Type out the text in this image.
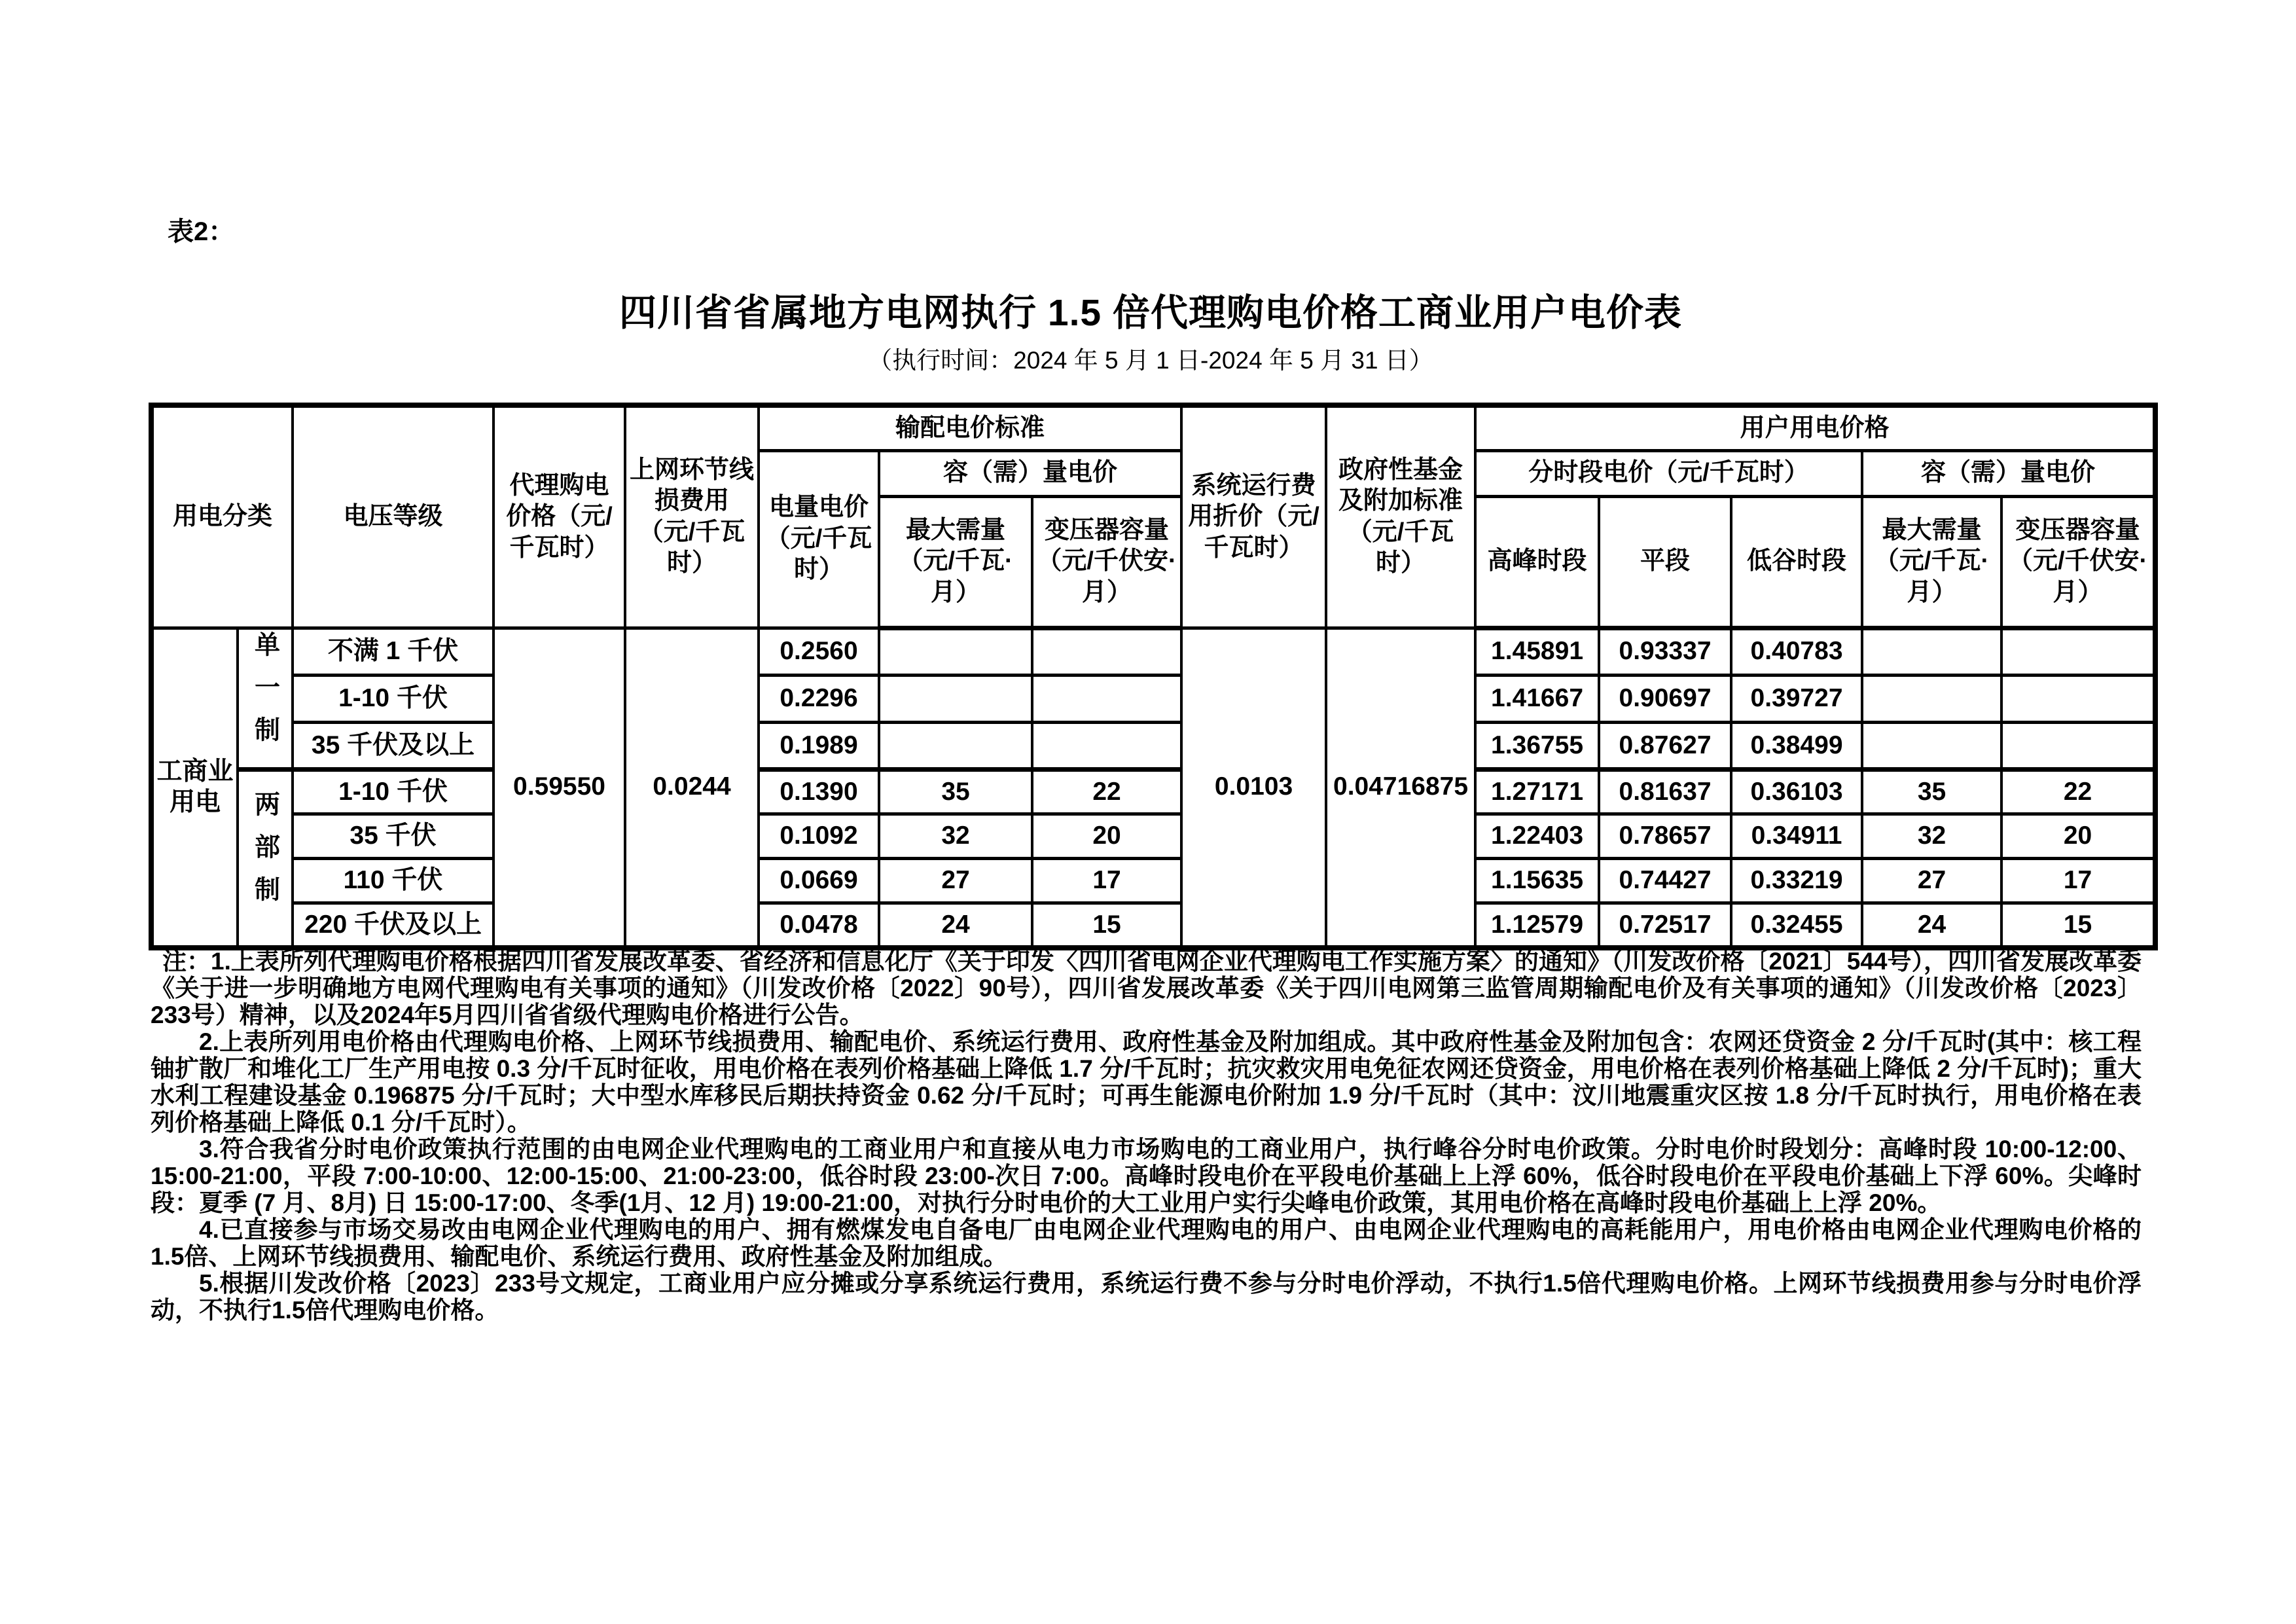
表2：
四川省省属地方电网执行 1.5 倍代理购电价格工商业用户电价表
（执行时间：2024 年 5 月 1 日-2024 年 5 月 31 日）
用电分类		电压等级	代理购电价格（元/千瓦时）	上网环节线损费用（元/千瓦时）	输配电价标准			系统运行费用折价（元/千瓦时）	政府性基金及附加标准（元/千瓦时）	用户用电价格				
					电量电价（元/千瓦时）	容（需）量电价				分时段电价（元/千瓦时）			容（需）量电价	
						最大需量（元/千瓦·月）	变压器容量（元/千伏安·月）			高峰时段	平段	低谷时段	最大需量（元/千瓦·月）	变压器容量（元/千伏安·月）
工商业用电	单一制	不满 1 千伏	0.59550	0.0244	0.2560			0.0103	0.04716875	1.45891	0.93337	0.40783		
		1-10 千伏			0.2296					1.41667	0.90697	0.39727		
		35 千伏及以上			0.1989					1.36755	0.87627	0.38499		
	两部制	1-10 千伏			0.1390	35	22			1.27171	0.81637	0.36103	35	22
		35 千伏			0.1092	32	20			1.22403	0.78657	0.34911	32	20
		110 千伏			0.0669	27	17			1.15635	0.74427	0.33219	27	17
		220 千伏及以上			0.0478	24	15			1.12579	0.72517	0.32455	24	15

注：1.上表所列代理购电价格根据四川省发展改革委、省经济和信息化厅《关于印发〈四川省电网企业代理购电工作实施方案〉的通知》（川发改价格〔2021〕544号），四川省发展改革委《关于进一步明确地方电网代理购电有关事项的通知》（川发改价格〔2022〕90号），四川省发展改革委《关于四川电网第三监管周期输配电价及有关事项的通知》（川发改价格〔2023〕233号）精神，以及2024年5月四川省省级代理购电价格进行公告。

2.上表所列用电价格由代理购电价格、上网环节线损费用、输配电价、系统运行费用、政府性基金及附加组成。其中政府性基金及附加包含：农网还贷资金 2 分/千瓦时(其中：核工程铀扩散厂和堆化工厂生产用电按 0.3 分/千瓦时征收，用电价格在表列价格基础上降低 1.7 分/千瓦时；抗灾救灾用电免征农网还贷资金，用电价格在表列价格基础上降低 2 分/千瓦时)；重大水利工程建设基金 0.196875 分/千瓦时；大中型水库移民后期扶持资金 0.62 分/千瓦时；可再生能源电价附加 1.9 分/千瓦时（其中：汶川地震重灾区按 1.8 分/千瓦时执行，用电价格在表列价格基础上降低 0.1 分/千瓦时）。

3.符合我省分时电价政策执行范围的由电网企业代理购电的工商业用户和直接从电力市场购电的工商业用户，执行峰谷分时电价政策。分时电价时段划分：高峰时段 10:00-12:00、15:00-21:00，平段 7:00-10:00、12:00-15:00、21:00-23:00，低谷时段 23:00-次日 7:00。高峰时段电价在平段电价基础上上浮 60%，低谷时段电价在平段电价基础上下浮 60%。尖峰时段：夏季 (7 月、8月) 日 15:00-17:00、冬季(1月、12 月) 19:00-21:00，对执行分时电价的大工业用户实行尖峰电价政策，其用电价格在高峰时段电价基础上上浮 20%。

4.已直接参与市场交易改由电网企业代理购电的用户、拥有燃煤发电自备电厂由电网企业代理购电的用户、由电网企业代理购电的高耗能用户，用电价格由电网企业代理购电价格的 1.5倍、上网环节线损费用、输配电价、系统运行费用、政府性基金及附加组成。

5.根据川发改价格〔2023〕233号文规定，工商业用户应分摊或分享系统运行费用，系统运行费不参与分时电价浮动，不执行1.5倍代理购电价格。上网环节线损费用参与分时电价浮动，不执行1.5倍代理购电价格。
